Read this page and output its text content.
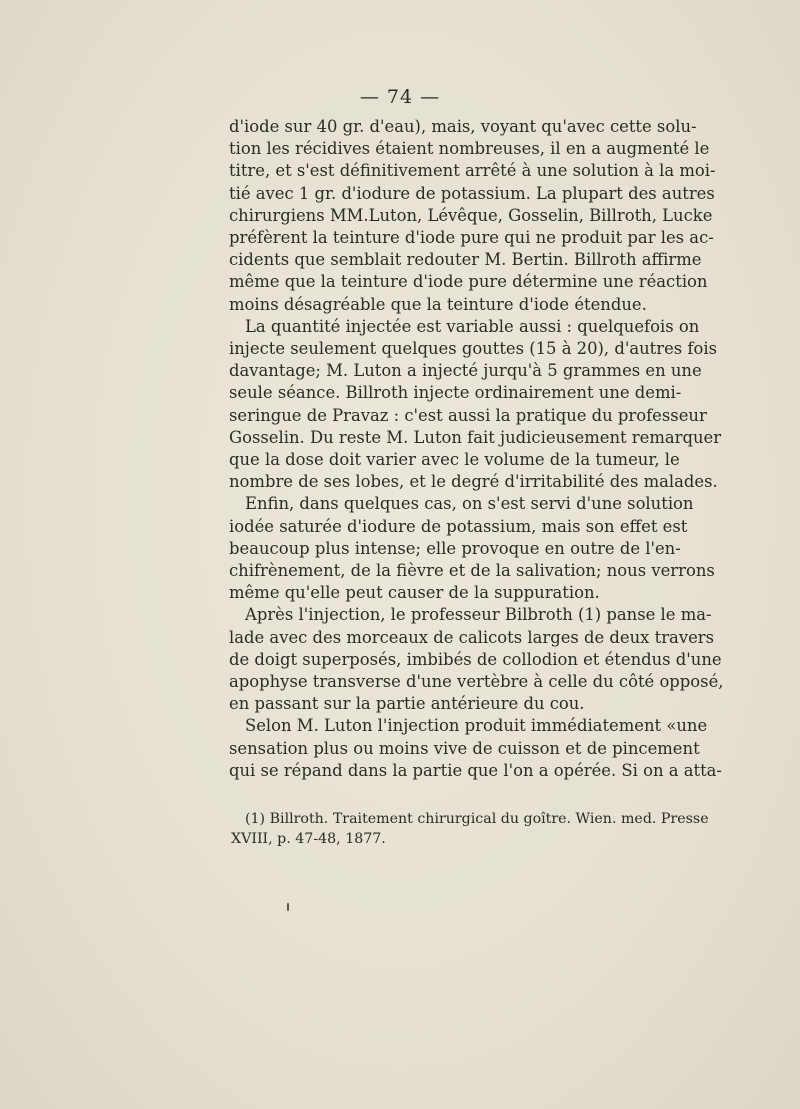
— 74 —
d'iode sur 40 gr. d'eau), mais, voyant qu'avec cette solu-
tion les récidives étaient nombreuses, il en a augmenté le
titre, et s'est définitivement arrêté à une solution à la moi-
tié avec 1 gr. d'iodure de potassium. La plupart des autres
chirurgiens MM.Luton, Lévêque, Gosselin, Billroth, Lucke
préfèrent la teinture d'iode pure qui ne produit par les ac-
cidents que semblait redouter M. Bertin. Billroth affirme
même que la teinture d'iode pure détermine une réaction
moins désagréable que la teinture d'iode étendue.
La quantité injectée est variable aussi : quelquefois on
injecte seulement quelques gouttes (15 à 20), d'autres fois
davantage; M. Luton a injecté jurqu'à 5 grammes en une
seule séance. Billroth injecte ordinairement une demi-
seringue de Pravaz : c'est aussi la pratique du professeur
Gosselin. Du reste M. Luton fait judicieusement remarquer
que la dose doit varier avec le volume de la tumeur, le
nombre de ses lobes, et le degré d'irritabilité des malades.
Enfin, dans quelques cas, on s'est servi d'une solution
iodée saturée d'iodure de potassium, mais son effet est
beaucoup plus intense; elle provoque en outre de l'en-
chifrènement, de la fièvre et de la salivation; nous verrons
même qu'elle peut causer de la suppuration.
Après l'injection, le professeur Bilbroth (1) panse le ma-
lade avec des morceaux de calicots larges de deux travers
de doigt superposés, imbibés de collodion et étendus d'une
apophyse transverse d'une vertèbre à celle du côté opposé,
en passant sur la partie antérieure du cou.
Selon M. Luton l'injection produit immédiatement «une
sensation plus ou moins vive de cuisson et de pincement
qui se répand dans la partie que l'on a opérée. Si on a atta-
(1) Billroth. Traitement chirurgical du goître. Wien. med. Presse
XVIII, p. 47-48, 1877.
